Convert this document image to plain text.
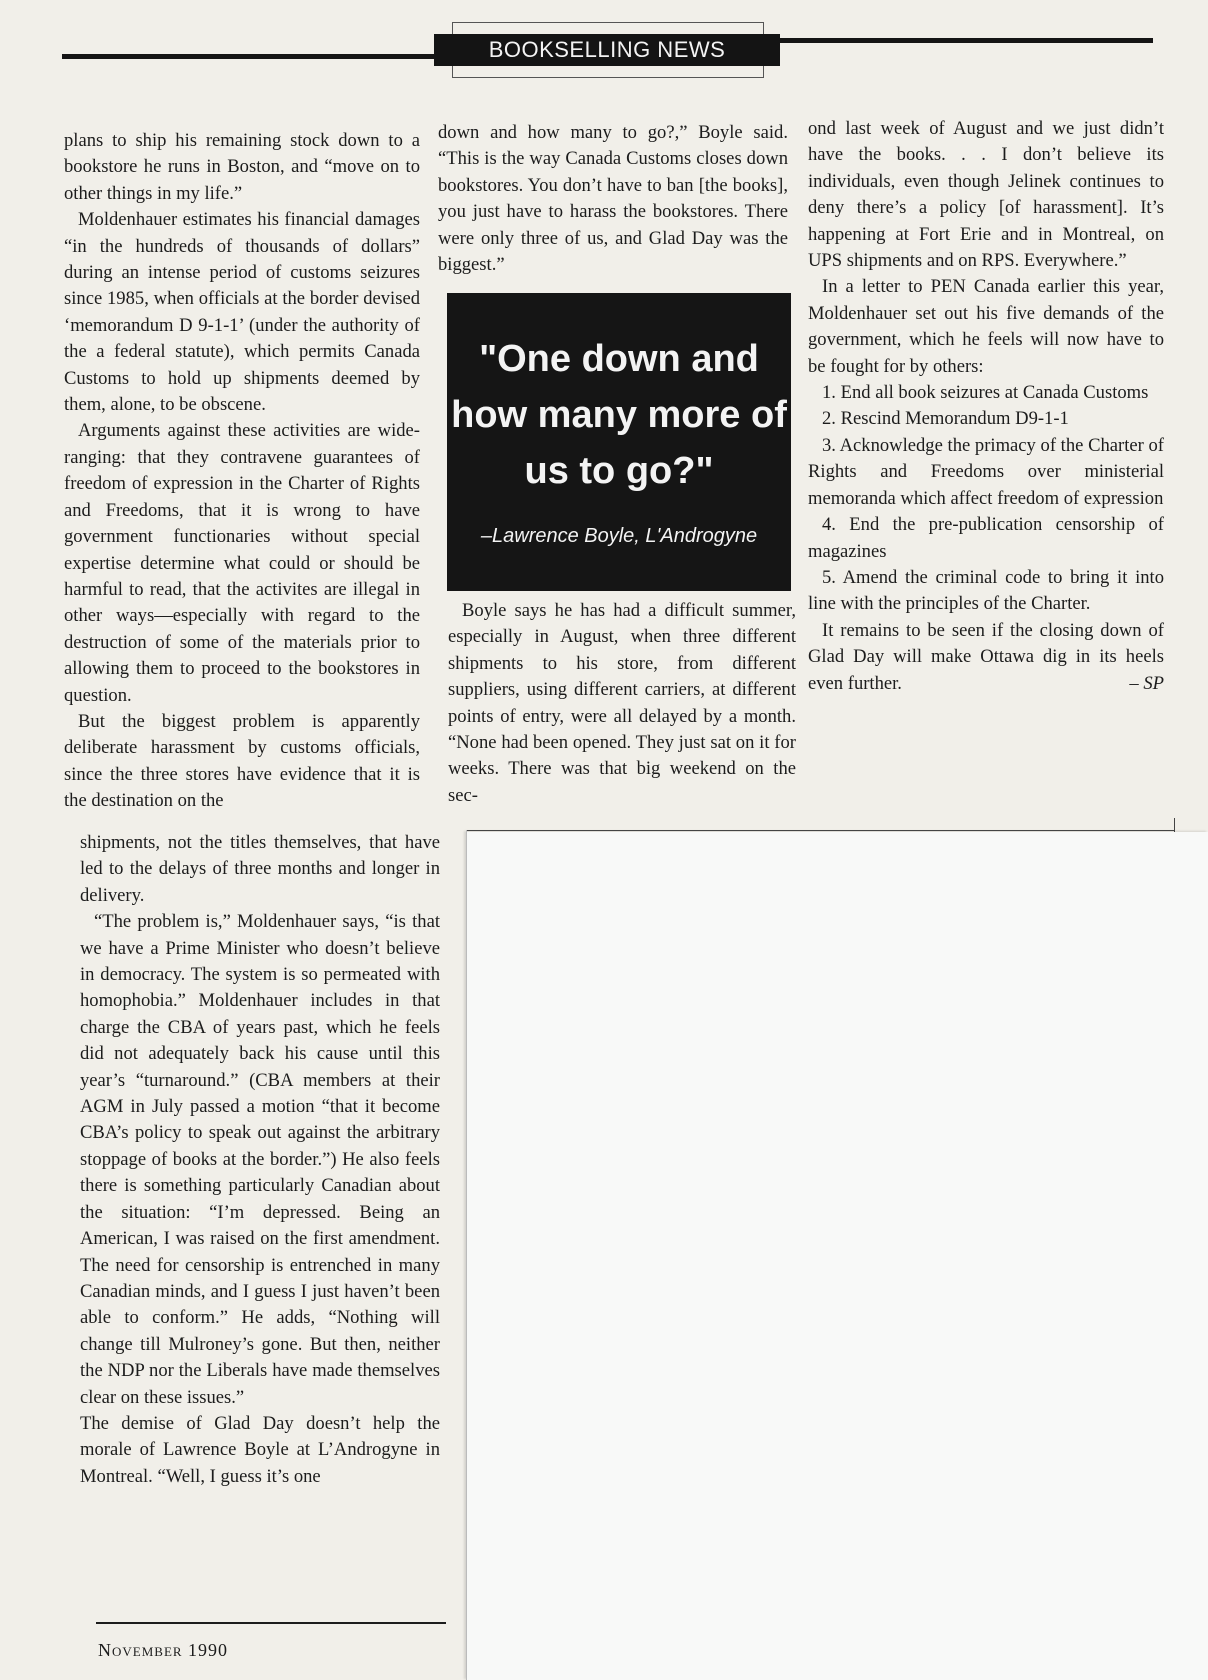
BOOKSELLING NEWS

plans to ship his remaining stock down to a bookstore he runs in Boston, and “move on to other things in my life.”

Moldenhauer estimates his financial damages “in the hundreds of thousands of dollars” during an intense period of customs seizures since 1985, when officials at the border devised ‘memorandum D 9-1-1’ (under the authority of the a federal statute), which permits Canada Customs to hold up shipments deemed by them, alone, to be obscene.

Arguments against these activities are wide-ranging: that they contravene guarantees of freedom of expression in the Charter of Rights and Freedoms, that it is wrong to have government functionaries without special expertise determine what could or should be harmful to read, that the activites are illegal in other ways—especially with regard to the destruction of some of the materials prior to allowing them to proceed to the bookstores in question.

But the biggest problem is apparently deliberate harassment by customs officials, since the three stores have evidence that it is the destination on the

down and how many to go?,” Boyle said. “This is the way Canada Customs closes down bookstores. You don’t have to ban [the books], you just have to harass the bookstores. There were only three of us, and Glad Day was the biggest.”

"One down and how many more of us to go?"
–Lawrence Boyle, L'Androgyne

Boyle says he has had a difficult summer, especially in August, when three different shipments to his store, from different suppliers, using different carriers, at different points of entry, were all delayed by a month. “None had been opened. They just sat on it for weeks. There was that big weekend on the sec-

ond last week of August and we just didn’t have the books. . . I don’t believe its individuals, even though Jelinek continues to deny there’s a policy [of harassment]. It’s happening at Fort Erie and in Montreal, on UPS shipments and on RPS. Everywhere.”

In a letter to PEN Canada earlier this year, Moldenhauer set out his five demands of the government, which he feels will now have to be fought for by others:

1. End all book seizures at Canada Customs

2. Rescind Memorandum D9-1-1

3. Acknowledge the primacy of the Charter of Rights and Freedoms over ministerial memoranda which affect freedom of expression

4. End the pre-publication censorship of magazines

5. Amend the criminal code to bring it into line with the principles of the Charter.

It remains to be seen if the closing down of Glad Day will make Ottawa dig in its heels even further.	– SP

shipments, not the titles themselves, that have led to the delays of three months and longer in delivery.

“The problem is,” Moldenhauer says, “is that we have a Prime Minister who doesn’t believe in democracy. The system is so permeated with homophobia.” Moldenhauer includes in that charge the CBA of years past, which he feels did not adequately back his cause until this year’s “turnaround.” (CBA members at their AGM in July passed a motion “that it become CBA’s policy to speak out against the arbitrary stoppage of books at the border.”) He also feels there is something particularly Canadian about the situation: “I’m depressed. Being an American, I was raised on the first amendment. The need for censorship is entrenched in many Canadian minds, and I guess I just haven’t been able to conform.” He adds, “Nothing will change till Mulroney’s gone. But then, neither the NDP nor the Liberals have made themselves clear on these issues.”

The demise of Glad Day doesn’t help the morale of Lawrence Boyle at L’Androgyne in Montreal. “Well, I guess it’s one

November 1990
